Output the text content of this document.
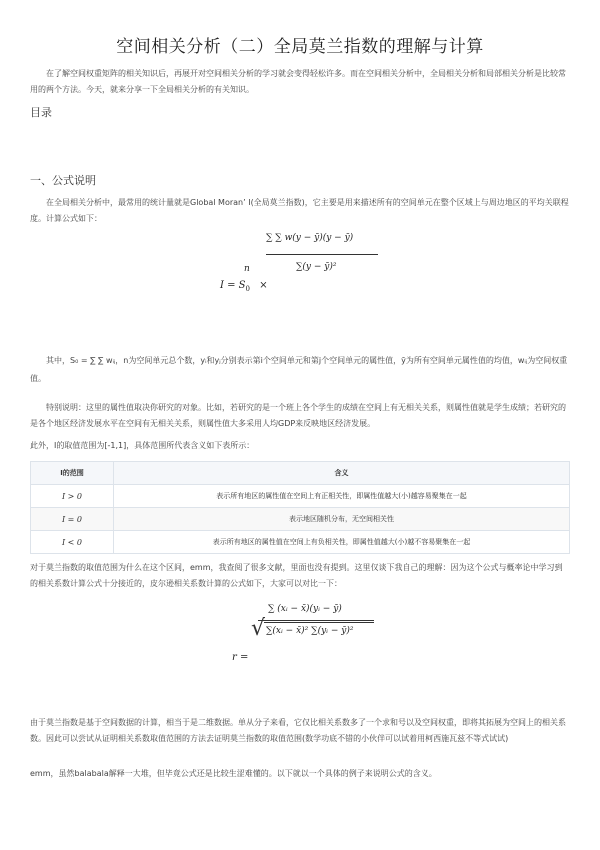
空间相关分析（二）全局莫兰指数的理解与计算
在了解空间权重矩阵的相关知识后，再展开对空间相关分析的学习就会变得轻松许多。而在空间相关分析中，全局相关分析和局部相关分析是比较常用的两个方法。今天，就来分享一下全局相关分析的有关知识。
目录
一、公式说明
在全局相关分析中，最常用的统计量就是Global Moran’ I(全局莫兰指数)，它主要是用来描述所有的空间单元在整个区域上与周边地区的平均关联程度。计算公式如下：
$I = S_0$ ×
n
∑ ∑ w(y − ȳ)(y − ȳ)
∑(y − ȳ)²
其中，S₀ = ∑ ∑ wᵢⱼ，n为空间单元总个数，yᵢ和yⱼ分别表示第i个空间单元和第j个空间单元的属性值，ȳ为所有空间单元属性值的均值，wᵢⱼ为空间权重值。
特别说明：这里的属性值取决你研究的对象。比如，若研究的是一个班上各个学生的成绩在空间上有无相关关系，则属性值就是学生成绩；若研究的是各个地区经济发展水平在空间有无相关关系，则属性值大多采用人均GDP来反映地区经济发展。
此外，I的取值范围为[-1,1]，具体范围所代表含义如下表所示：
I的范围	含义
I > 0	表示所有地区的属性值在空间上有正相关性，即属性值越大(小)越容易聚集在一起
I = 0	表示地区随机分布，无空间相关性
I < 0	表示所有地区的属性值在空间上有负相关性，即属性值越大(小)越不容易聚集在一起
对于莫兰指数的取值范围为什么在这个区间，emm，我查阅了很多文献，里面也没有提到。这里仅谈下我自己的理解：因为这个公式与概率论中学习到的相关系数计算公式十分接近的，皮尔逊相关系数计算的公式如下，大家可以对比一下：
r =
∑ (xᵢ − x̄)(yᵢ − ȳ)
√ ∑(xᵢ − x̄)² ∑(yᵢ − ȳ)²
由于莫兰指数是基于空间数据的计算，相当于是二维数据。单从分子来看，它仅比相关系数多了一个求和号以及空间权重，即将其拓展为空间上的相关系数。因此可以尝试从证明相关系数取值范围的方法去证明莫兰指数的取值范围(数学功底不错的小伙伴可以试着用柯西施瓦兹不等式试试)
emm，虽然balabala解释一大堆，但毕竟公式还是比较生涩难懂的。以下就以一个具体的例子来说明公式的含义。
